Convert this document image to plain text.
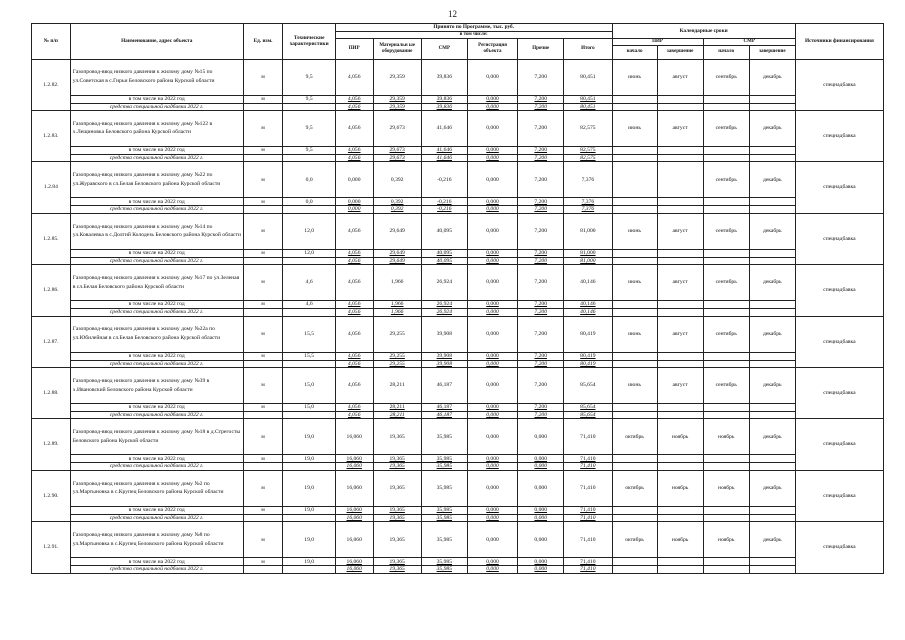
12
№ п/п	Наименование, адрес объекта	Ед. изм.	Технические характеристики	Принято по Программе, тыс. руб.						Календарные сроки				Источники финансирования
				в том числе:										
				ПИР	Материальн ые оборудование	СМР	Регистрация объекта	Прочие	Итого	ПИР		СМР		
										начало	завершение	начало	завершение	
1.2.82.	Газопровод-ввод низкого давления к жилому дому №15 по ул.Советская в с.Гирьи Беловского района Курской области	м	9,5	4,056	29,359	39,836	0,000	7,200	80,451	июнь	август	сентябрь	декабрь	спецнадбавка
	в том числе на 2022 год	м	9,5	4,056	29,359	39,836	0,000	7,200	80,451					
	средства специальной надбавки 2022 г.			4,056	29,359	39,836	0,000	7,200	80,451					
1.2.83.	Газопровод-ввод низкого давления к жилому дому №122 в х.Лещиновка Беловского района Курской области	м	9,5	4,056	29,673	41,646	0,000	7,200	82,575	июнь	август	сентябрь	декабрь	спецнадбавка
	в том числе на 2022 год	м	9,5	4,056	29,673	41,646	0,000	7,200	82,575					
	средства специальной надбавки 2022 г.			4,056	29,673	41,646	0,000	7,200	82,575					
1.2.84	Газопровод-ввод низкого давления к жилому дому №22 по ул.Журавского в сл.Белая Беловского района Курской области	м	0,0	0,000	0,392	-0,216	0,000	7,200	7,376			сентябрь	декабрь	спецнадбавка
	в том числе на 2022 год	м	0,0	0,000	0,392	-0,216	0,000	7,200	7,376					
	средства специальной надбавки 2022 г.			0,000	0,392	-0,216	0,000	7,200	7,376					
1.2.85.	Газопровод-ввод низкого давления к жилому дому №14 по ул.Ковалевка в с.Долгий Колодезь Беловского района Курской области	м	12,0	4,056	29,649	40,095	0,000	7,200	81,000	июнь	август	сентябрь	декабрь	спецнадбавка
	в том числе на 2022 год	м	12,0	4,056	29,649	40,095	0,000	7,200	81,000					
	средства специальной надбавки 2022 г.			4,056	29,649	40,095	0,000	7,200	81,000					
1.2.86.	Газопровод-ввод низкого давления к жилому дому №17 по ул.Зеленая в сл.Белая Беловского района Курской области	м	4,6	4,056	1,966	26,924	0,000	7,200	40,146	июнь	август	сентябрь	декабрь	спецнадбавка
	в том числе на 2022 год	м	4,6	4,056	1,966	26,924	0,000	7,200	40,146					
	средства специальной надбавки 2022 г.			4,056	1,966	26,924	0,000	7,200	40,146					
1.2.87.	Газопровод-ввод низкого давления к жилому дому №22а по ул.Юбилейная в сл.Белая Беловского района Курской области	м	15,5	4,056	29,255	39,908	0,000	7,200	80,419	июнь	август	сентябрь	декабрь	спецнадбавка
	в том числе на 2022 год	м	15,5	4,056	29,255	39,908	0,000	7,200	80,419					
	средства специальной надбавки 2022 г.			4,056	29,255	39,908	0,000	7,200	80,419					
1.2.88.	Газопровод-ввод низкого давления к жилому дому №39 в х.Ивановский Беловского района Курской области	м	15,0	4,056	28,211	46,187	0,000	7,200	85,654	июнь	август	сентябрь	декабрь	спецнадбавка
	в том числе на 2022 год	м	15,0	4,056	28,211	46,187	0,000	7,200	85,654					
	средства специальной надбавки 2022 г.			4,056	28,211	46,187	0,000	7,200	85,654					
1.2.89.	Газопровод-ввод низкого давления к жилому дому №18 в д.Стрегосты Беловского района Курской области	м	19,0	16,060	19,365	35,985	0,000	0,000	71,410	октябрь	ноябрь	ноябрь	декабрь	спецнадбавка
	в том числе на 2022 год	м	19,0	16,060	19,365	35,985	0,000	0,000	71,410					
	средства специальной надбавки 2022 г.			16,060	19,365	35,985	0,000	0,000	71,410					
1.2.90.	Газопровод-ввод низкого давления к жилому дому №2 по ул.Мартыновка в с.Крупец Беловского района Курской области	м	19,0	16,060	19,365	35,985	0,000	0,000	71,410	октябрь	ноябрь	ноябрь	декабрь	спецнадбавка
	в том числе на 2022 год	м	19,0	16,060	19,365	35,985	0,000	0,000	71,410					
	средства специальной надбавки 2022 г.			16,060	19,365	35,985	0,000	0,000	71,410					
1.2.91.	Газопровод-ввод низкого давления к жилому дому №8 по ул.Мартыновка в с.Крупец Беловского района Курской области	м	19,0	16,060	19,365	35,985	0,000	0,000	71,410	октябрь	ноябрь	ноябрь	декабрь	спецнадбавка
	в том числе на 2022 год	м	19,0	16,060	19,365	35,985	0,000	0,000	71,410					
	средства специальной надбавки 2022 г.			16,060	19,365	35,985	0,000	0,000	71,410					
